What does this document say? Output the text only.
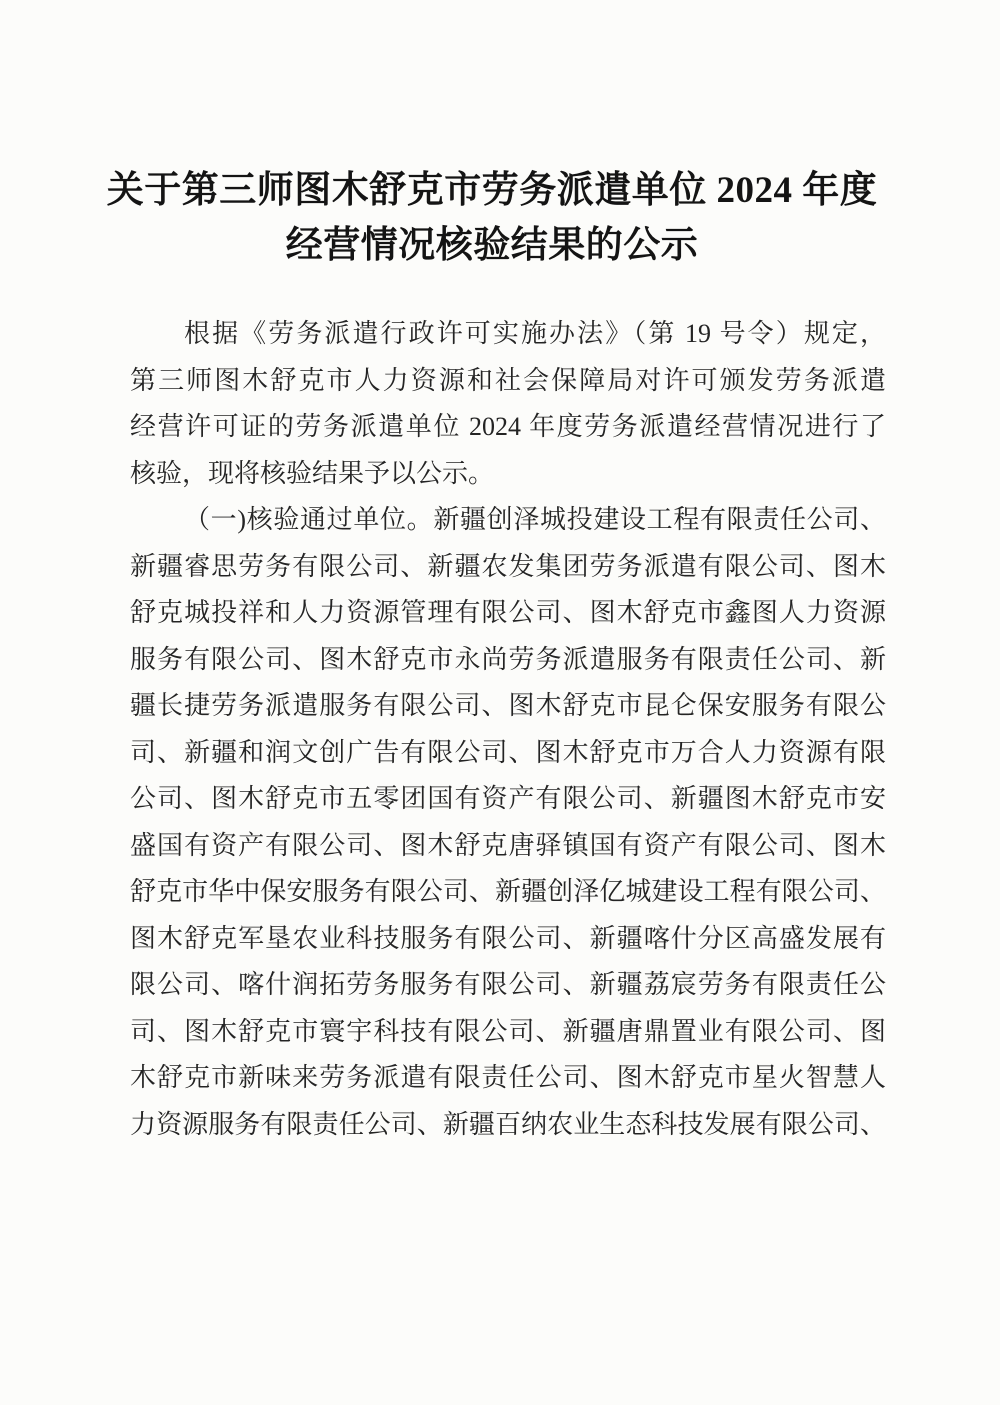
关于第三师图木舒克市劳务派遣单位 2024 年度
经营情况核验结果的公示
根据《劳务派遣行政许可实施办法》（第 19 号令）规定，
第三师图木舒克市人力资源和社会保障局对许可颁发劳务派遣
经营许可证的劳务派遣单位 2024 年度劳务派遣经营情况进行了
核验，现将核验结果予以公示。
（一)核验通过单位。新疆创泽城投建设工程有限责任公司、
新疆睿思劳务有限公司、新疆农发集团劳务派遣有限公司、图木
舒克城投祥和人力资源管理有限公司、图木舒克市鑫图人力资源
服务有限公司、图木舒克市永尚劳务派遣服务有限责任公司、新
疆长捷劳务派遣服务有限公司、图木舒克市昆仑保安服务有限公
司、新疆和润文创广告有限公司、图木舒克市万合人力资源有限
公司、图木舒克市五零团国有资产有限公司、新疆图木舒克市安
盛国有资产有限公司、图木舒克唐驿镇国有资产有限公司、图木
舒克市华中保安服务有限公司、新疆创泽亿城建设工程有限公司、
图木舒克军垦农业科技服务有限公司、新疆喀什分区高盛发展有
限公司、喀什润拓劳务服务有限公司、新疆荔宸劳务有限责任公
司、图木舒克市寰宇科技有限公司、新疆唐鼎置业有限公司、图
木舒克市新味来劳务派遣有限责任公司、图木舒克市星火智慧人
力资源服务有限责任公司、新疆百纳农业生态科技发展有限公司、
